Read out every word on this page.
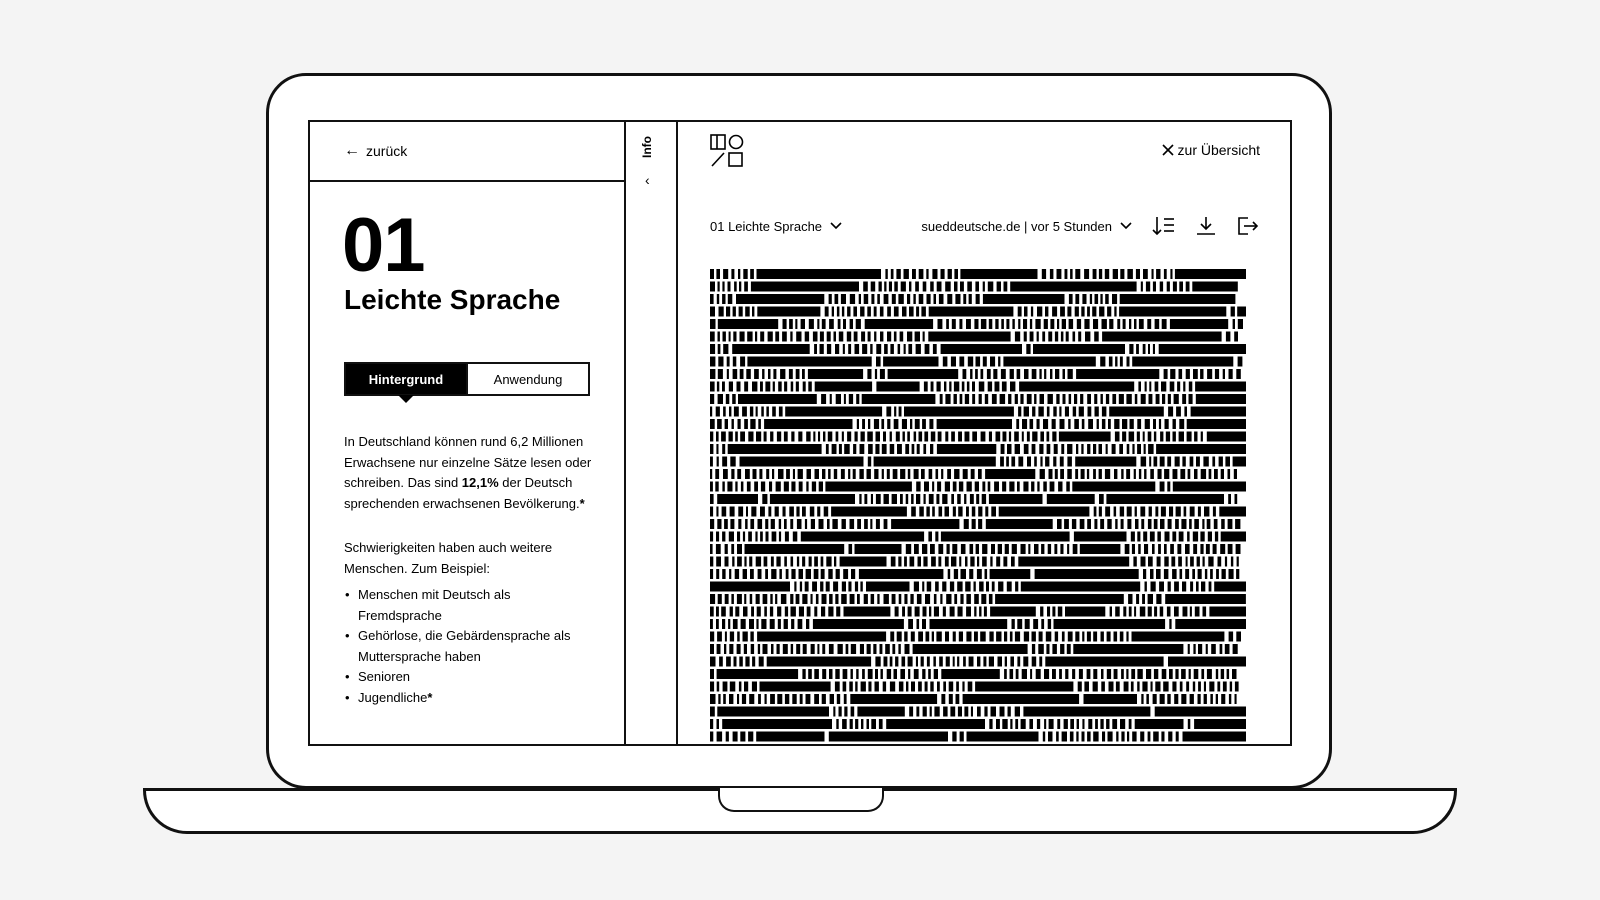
← zurück
01
Leichte Sprache
Hintergrund	Anwendung

In Deutschland können rund 6,2 Millionen Erwachsene nur einzelne Sätze lesen oder schreiben. Das sind 12,1% der Deutsch sprechenden erwachsenen Bevölkerung.*

Schwierigkeiten haben auch weitere Menschen. Zum Beispiel:

• Menschen mit Deutsch als Fremdsprache
• Gehörlose, die Gebärdensprache als Muttersprache haben
• Senioren
• Jugendliche*
Info
‹
zur Übersicht
01 Leichte Sprache	sueddeutsche.de | vor 5 Stunden
